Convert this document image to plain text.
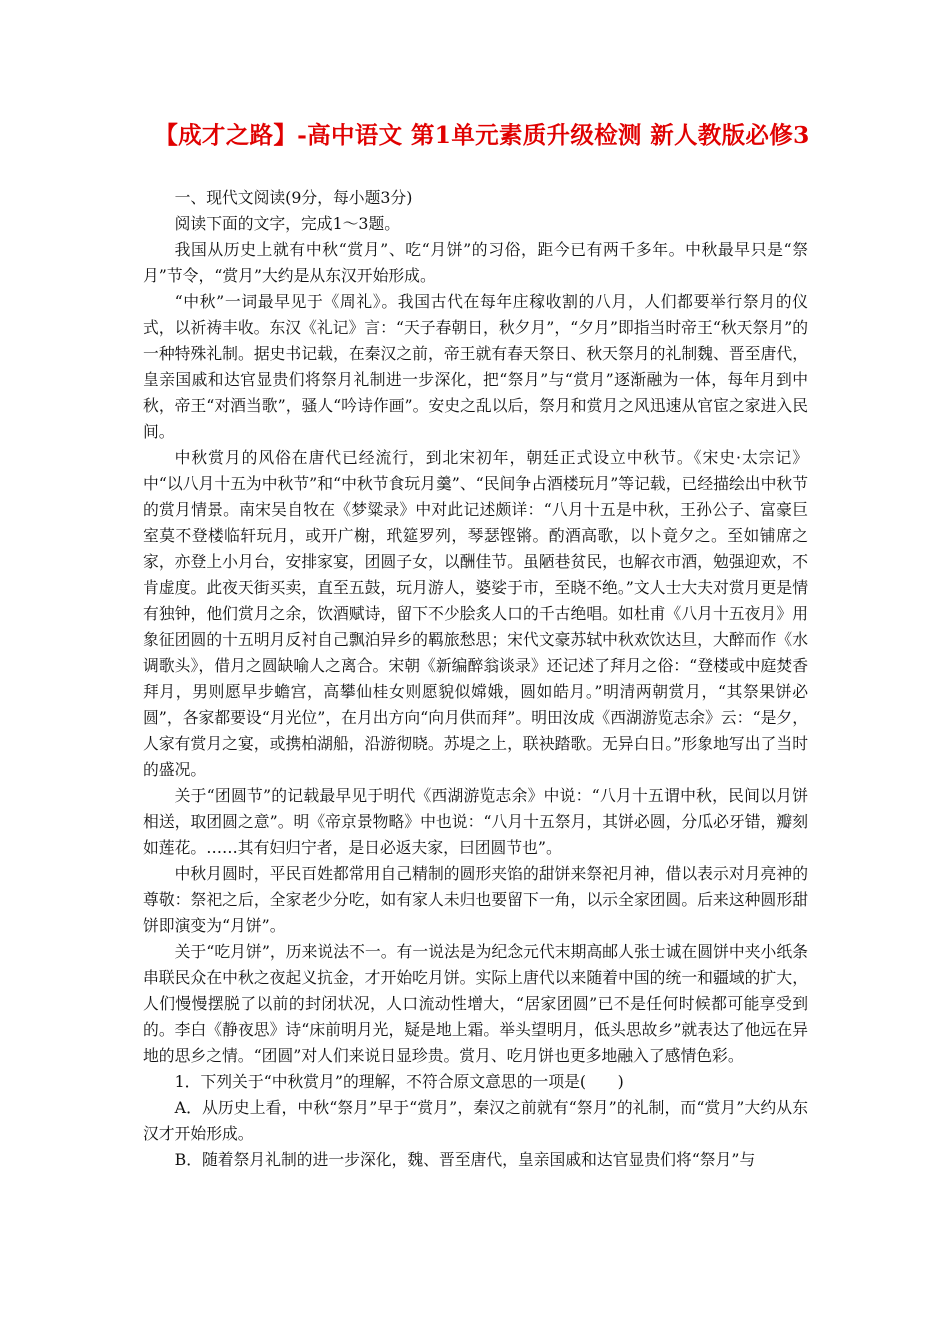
【成才之路】-高中语文 第1单元素质升级检测 新人教版必修3

一、现代文阅读(9分，每小题3分)

阅读下面的文字，完成1～3题。

我国从历史上就有中秋“赏月”、吃“月饼”的习俗，距今已有两千多年。中秋最早只是“祭月”节令，“赏月”大约是从东汉开始形成。

“中秋”一词最早见于《周礼》。我国古代在每年庄稼收割的八月，人们都要举行祭月的仪式，以祈祷丰收。东汉《礼记》言：“天子春朝日，秋夕月”，“夕月”即指当时帝王“秋天祭月”的一种特殊礼制。据史书记载，在秦汉之前，帝王就有春天祭日、秋天祭月的礼制魏、晋至唐代，皇亲国戚和达官显贵们将祭月礼制进一步深化，把“祭月”与“赏月”逐渐融为一体，每年月到中秋，帝王“对酒当歌”，骚人“吟诗作画”。安史之乱以后，祭月和赏月之风迅速从官宦之家进入民间。

中秋赏月的风俗在唐代已经流行，到北宋初年，朝廷正式设立中秋节。《宋史·太宗记》中“以八月十五为中秋节”和“中秋节食玩月羹”、“民间争占酒楼玩月”等记载，已经描绘出中秋节的赏月情景。南宋吴自牧在《梦粱录》中对此记述颇详：“八月十五是中秋，王孙公子、富豪巨室莫不登楼临轩玩月，或开广榭，玳筵罗列，琴瑟铿锵。酌酒高歌，以卜竟夕之。至如铺席之家，亦登上小月台，安排家宴，团圆子女，以酬佳节。虽陋巷贫民，也解衣市酒，勉强迎欢，不肯虚度。此夜天街买卖，直至五鼓，玩月游人，婆娑于市，至晓不绝。”文人士大夫对赏月更是情有独钟，他们赏月之余，饮酒赋诗，留下不少脍炙人口的千古绝唱。如杜甫《八月十五夜月》用象征团圆的十五明月反衬自己飘泊异乡的羁旅愁思；宋代文豪苏轼中秋欢饮达旦，大醉而作《水调歌头》，借月之圆缺喻人之离合。宋朝《新编醉翁谈录》还记述了拜月之俗：“登楼或中庭焚香拜月，男则愿早步蟾宫，高攀仙桂女则愿貌似嫦娥，圆如皓月。”明清两朝赏月，“其祭果饼必圆”，各家都要设“月光位”，在月出方向“向月供而拜”。明田汝成《西湖游览志余》云：“是夕，人家有赏月之宴，或携柏湖船，沿游彻晓。苏堤之上，联袂踏歌。无异白日。”形象地写出了当时的盛况。

关于“团圆节”的记载最早见于明代《西湖游览志余》中说：“八月十五谓中秋，民间以月饼相送，取团圆之意”。明《帝京景物略》中也说：“八月十五祭月，其饼必圆，分瓜必牙错，瓣刻如莲花。……其有妇归宁者，是日必返夫家，曰团圆节也”。

中秋月圆时，平民百姓都常用自己精制的圆形夹馅的甜饼来祭祀月神，借以表示对月亮神的尊敬：祭祀之后，全家老少分吃，如有家人未归也要留下一角，以示全家团圆。后来这种圆形甜饼即演变为“月饼”。

关于“吃月饼”，历来说法不一。有一说法是为纪念元代末期高邮人张士诚在圆饼中夹小纸条串联民众在中秋之夜起义抗金，才开始吃月饼。实际上唐代以来随着中国的统一和疆域的扩大，人们慢慢摆脱了以前的封闭状况，人口流动性增大，“居家团圆”已不是任何时候都可能享受到的。李白《静夜思》诗“床前明月光，疑是地上霜。举头望明月，低头思故乡”就表达了他远在异地的思乡之情。“团圆”对人们来说日显珍贵。赏月、吃月饼也更多地融入了感情色彩。

1．下列关于“中秋赏月”的理解，不符合原文意思的一项是(　　)

A．从历史上看，中秋“祭月”早于“赏月”，秦汉之前就有“祭月”的礼制，而“赏月”大约从东汉才开始形成。

B．随着祭月礼制的进一步深化，魏、晋至唐代，皇亲国戚和达官显贵们将“祭月”与
